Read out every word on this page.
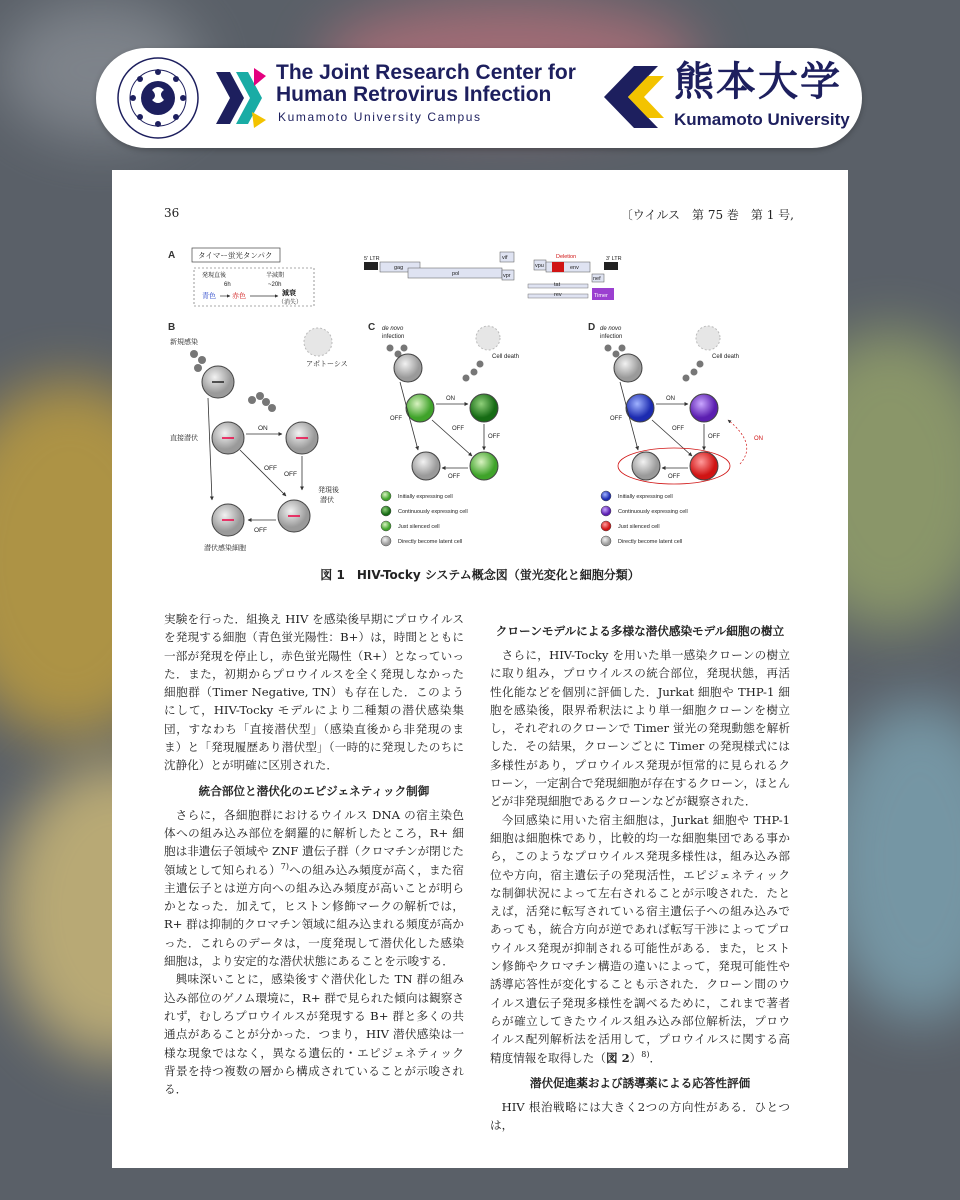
The Joint Research Center for
Human Retrovirus Infection
Kumamoto University Campus
熊本大学
Kumamoto University
36	〔ウイルス　第 75 巻　第 1 号,
A	タイマー蛍光タンパク
発現直後
6h
半減期
~20h
青色 赤色	減衰
（消失）
5' LTR
gag
pol
vif
vpr
vpu
Deletion
env
3' LTR
nef
tat
rev	Timer
B
新規感染
アポトーシス
直接潜伏
ON
OFF
OFF
発現後
潜伏
OFF
潜伏感染細胞
C de novo
infection
Cell death
ON
OFF
OFF
OFF
OFF
Initially expressing cell
Continuously expressing cell
Just silenced cell
Directly become latent cell
D de novo
infection
Cell death
ON
OFF
OFF	ON
OFF
OFF
Initially expressing cell
Continuously expressing cell
Just silenced cell
Directly become latent cell
図 1　HIV-Tocky システム概念図（蛍光変化と細胞分類）

実験を行った．組換え HIV を感染後早期にプロウイルスを発現する細胞（青色蛍光陽性：B+）は，時間とともに一部が発現を停止し，赤色蛍光陽性（R+）となっていった．また，初期からプロウイルスを全く発現しなかった細胞群（Timer Negative, TN）も存在した．このようにして，HIV-Tocky モデルにより二種類の潜伏感染集団，すなわち「直接潜伏型」（感染直後から非発現のまま）と「発現履歴あり潜伏型」（一時的に発現したのちに沈静化）とが明確に区別された．

統合部位と潜伏化のエピジェネティック制御

さらに，各細胞群におけるウイルス DNA の宿主染色体への組み込み部位を網羅的に解析したところ，R+ 細胞は非遺伝子領域や ZNF 遺伝子群（クロマチンが閉じた領域として知られる）$^{7)}$への組み込み頻度が高く，また宿主遺伝子とは逆方向への組み込み頻度が高いことが明らかとなった．加えて，ヒストン修飾マークの解析では，R+ 群は抑制的クロマチン領域に組み込まれる頻度が高かった．これらのデータは，一度発現して潜伏化した感染細胞は，より安定的な潜伏状態にあることを示唆する．

興味深いことに，感染後すぐ潜伏化した TN 群の組み込み部位のゲノム環境に，R+ 群で見られた傾向は観察されず，むしろプロウイルスが発現する B+ 群と多くの共通点があることが分かった．つまり，HIV 潜伏感染は一様な現象ではなく，異なる遺伝的・エピジェネティック背景を持つ複数の層から構成されていることが示唆される．

クローンモデルによる多様な潜伏感染モデル細胞の樹立

さらに，HIV-Tocky を用いた単一感染クローンの樹立に取り組み，プロウイルスの統合部位，発現状態，再活性化能などを個別に評価した．Jurkat 細胞や THP-1 細胞を感染後，限界希釈法により単一細胞クローンを樹立し，それぞれのクローンで Timer 蛍光の発現動態を解析した．その結果，クローンごとに Timer の発現様式には多様性があり，プロウイルス発現が恒常的に見られるクローン，一定割合で発現細胞が存在するクローン，ほとんどが非発現細胞であるクローンなどが観察された．

今回感染に用いた宿主細胞は，Jurkat 細胞や THP-1 細胞は細胞株であり，比較的均一な細胞集団である事から，このようなプロウイルス発現多様性は，組み込み部位や方向，宿主遺伝子の発現活性，エピジェネティックな制御状況によって左右されることが示唆された．たとえば，活発に転写されている宿主遺伝子への組み込みであっても，統合方向が逆であれば転写干渉によってプロウイルス発現が抑制される可能性がある．また，ヒストン修飾やクロマチン構造の違いによって，発現可能性や誘導応答性が変化することも示された．クローン間のウイルス遺伝子発現多様性を調べるために，これまで著者らが確立してきたウイルス組み込み部位解析法，プロウイルス配列解析法を活用して，プロウイルスに関する高精度情報を取得した（図 2）$^{8)}$．

潜伏促進薬および誘導薬による応答性評価

HIV 根治戦略には大きく2つの方向性がある．ひとつは，
